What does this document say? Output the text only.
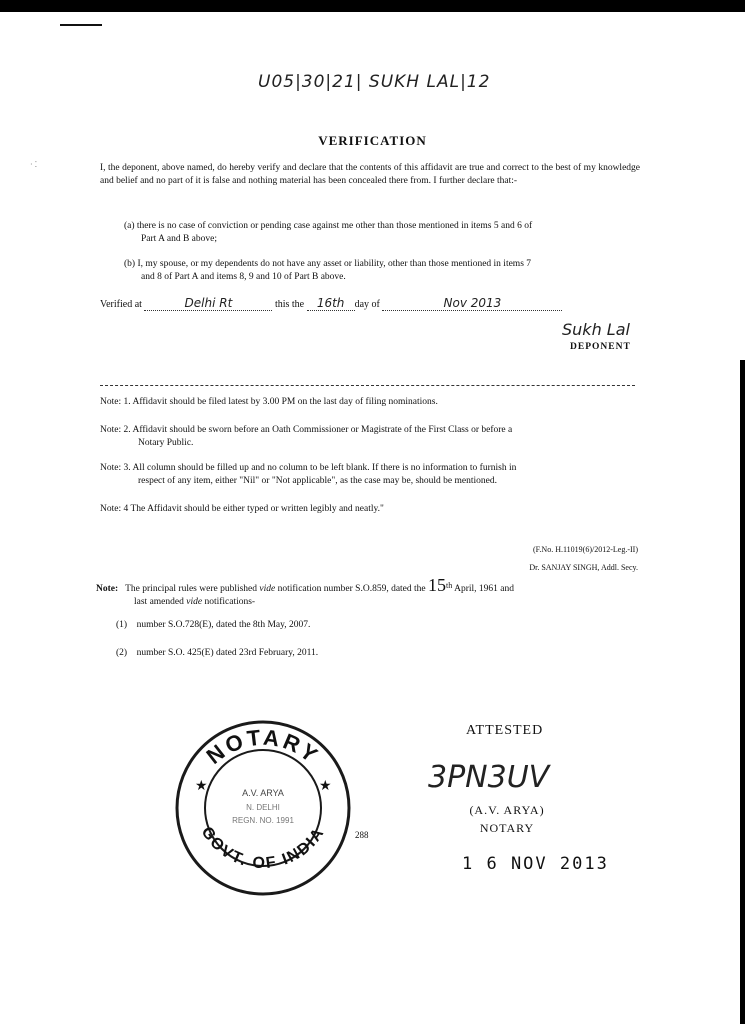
U05|30|21| SUKH LAL|12
VERIFICATION
I, the deponent, above named, do hereby verify and declare that the contents of this affidavit are true and correct to the best of my knowledge and belief and no part of it is false and nothing material has been concealed there from. I further declare that:-
(a) there is no case of conviction or pending case against me other than those mentioned in items 5 and 6 of
Part A and B above;
(b) I, my spouse, or my dependents do not have any asset or liability, other than those mentioned in items 7
and 8 of Part A and items 8, 9 and 10 of Part B above.
Verified at	Delhi Rt	this the 16th day of	Nov 2013
Sukh Lal
DEPONENT
Note: 1. Affidavit should be filed latest by 3.00 PM on the last day of filing nominations.
Note: 2. Affidavit should be sworn before an Oath Commissioner or Magistrate of the First Class or before a
Notary Public.
Note: 3. All column should be filled up and no column to be left blank. If there is no information to furnish in
respect of any item, either "Nil" or "Not applicable", as the case may be, should be mentioned.
Note: 4 The Affidavit should be either typed or written legibly and neatly."
(F.No. H.11019(6)/2012-Leg.-II)
Dr. SANJAY SINGH, Addl. Secy.
Note: The principal rules were published vide notification number S.O.859, dated the 15th April, 1961 and
last amended vide notifications-
(1) number S.O.728(E), dated the 8th May, 2007.
(2) number S.O. 425(E) dated 23rd February, 2011.
NOTARY
GOVT. OF INDIA
★	★
A.V. ARYA
N. DELHI
REGN. NO. 1991
288
ATTESTED
3PN3UV
(A.V. ARYA)
NOTARY
1 6 NOV 2013
· ⁚
